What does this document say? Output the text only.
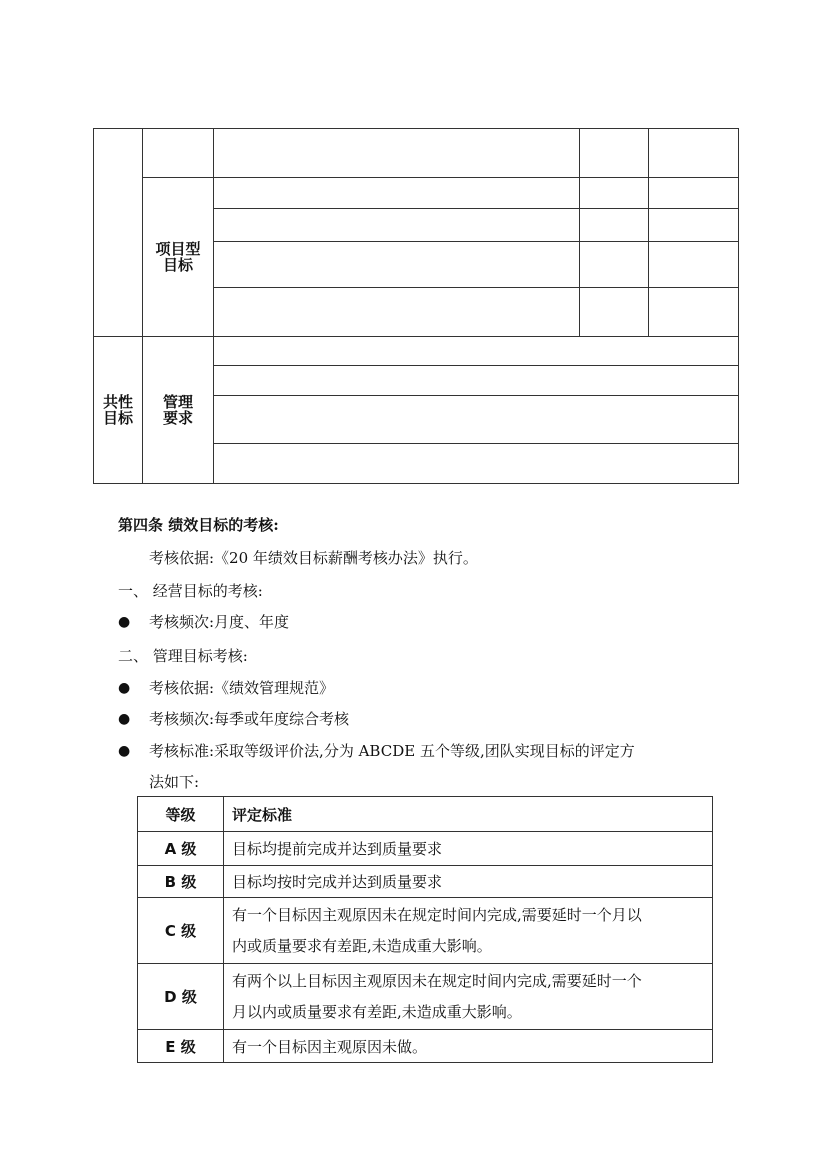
	项目型目标			

共性目标	管理要求			

第四条 绩效目标的考核:
考核依据:《20 年绩效目标薪酬考核办法》执行。
一、 经营目标的考核:
● 考核频次:月度、年度
二、 管理目标考核:
● 考核依据:《绩效管理规范》
● 考核频次:每季或年度综合考核
● 考核标准:采取等级评价法,分为 ABCDE 五个等级,团队实现目标的评定方
法如下:
等级	评定标准
A 级	目标均提前完成并达到质量要求

B 级	目标均按时完成并达到质量要求

C 级	有一个目标因主观原因未在规定时间内完成,需要延时一个月以
内或质量要求有差距,未造成重大影响。

D 级	有两个以上目标因主观原因未在规定时间内完成,需要延时一个
月以内或质量要求有差距,未造成重大影响。

E 级	有一个目标因主观原因未做。
